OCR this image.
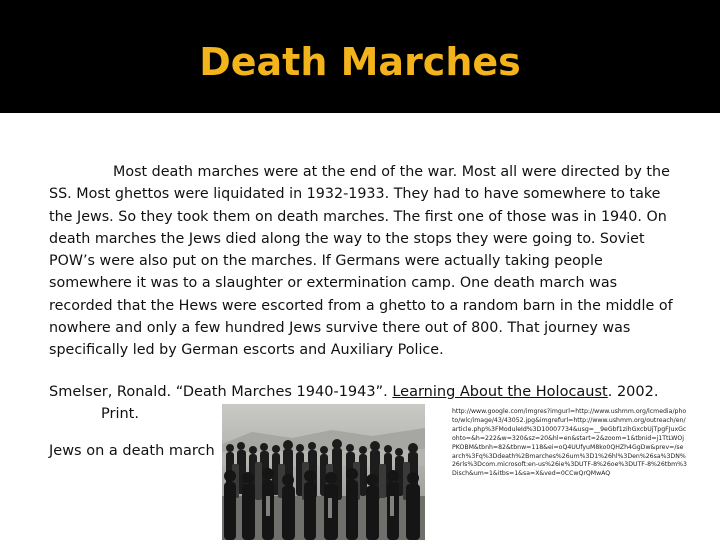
Death Marches
Most death marches were at the end of the war. Most all were directed by the SS. Most ghettos were liquidated in 1932-1933. They had to have somewhere to take the Jews. So they took them on death marches. The first one of those was in 1940. On death marches the Jews died along the way to the stops they were going to. Soviet POW’s were also put on the marches. If Germans were actually taking people somewhere it was to a slaughter or extermination camp. One death march was recorded that the Hews were escorted from a ghetto to a random barn in the middle of nowhere and only a few hundred Jews survive there out of 800. That journey was specifically led by German escorts and Auxiliary Police.
Smelser, Ronald. “Death Marches 1940-1943”. Learning About the Holocaust. 2002.
Print.
Jews on a death march
http://www.google.com/imgres?imgurl=http://www.ushmm.org/lcmedia/photo/wlc/image/43/43052.jpg&imgrefurl=http://www.ushmm.org/outreach/en/article.php%3FModuleId%3D10007734&usg=__9eGbf1zihGxcbUjTpgFJuxGcohto=&h=222&w=320&sz=20&hl=en&start=2&zoom=1&tbnid=j1TtLWOjPKOBM&tbnh=82&tbnw=118&ei=oQ4UUfyuM8ko0QHZh4GgDw&prev=/search%3Fq%3Ddeath%2Bmarches%26um%3D1%26hl%3Den%26sa%3DN%26rls%3Dcom.microsoft:en-us%26ie%3DUTF-8%26oe%3DUTF-8%26tbm%3Disch&um=1&itbs=1&sa=X&ved=0CCwQrQMwAQ
